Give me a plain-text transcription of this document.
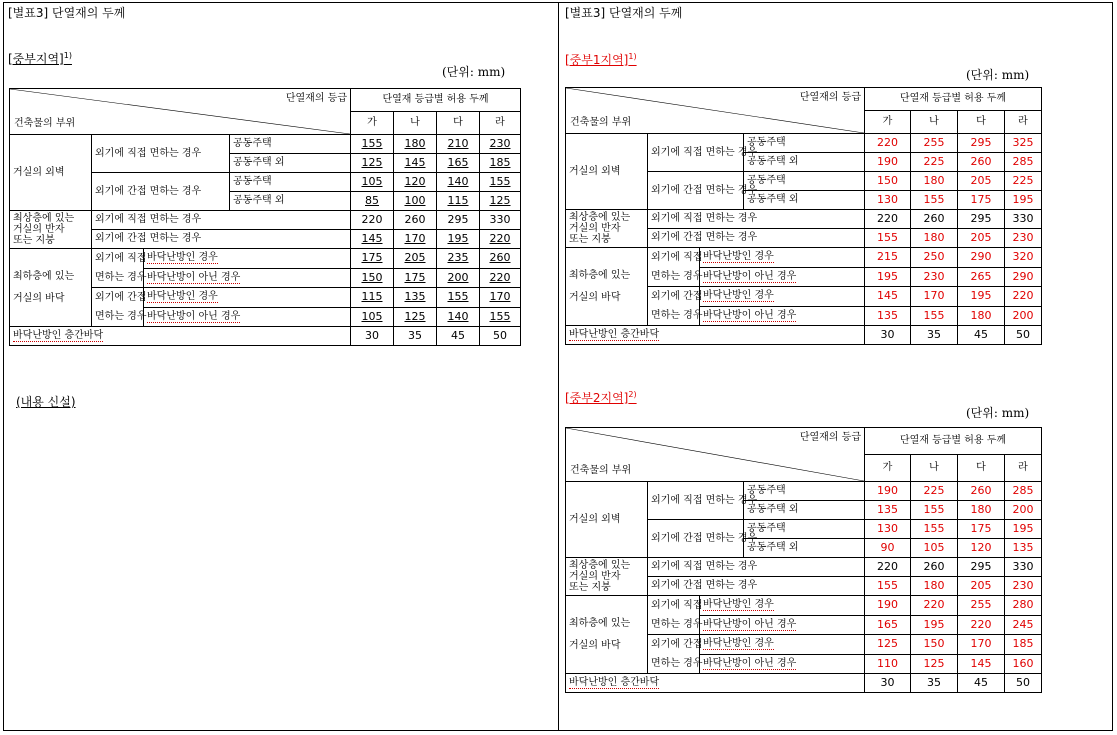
[별표3] 단열재의 두께
[중부지역]$^{1)}$
(단위: mm)
단열재의 등급
건축물의 부위				단열재 등급별 허용 두께			
				가	나	다	라
거실의 외벽	외기에 직접 면하는 경우		공동주택	155	180	210	230
			공동주택 외	125	145	165	185
	외기에 간접 면하는 경우		공동주택	105	120	140	155
			공동주택 외	85	100	115	125
최상층에 있는
거실의 반자
또는 지붕	외기에 직접 면하는 경우			220	260	295	330
	외기에 간접 면하는 경우			145	170	195	220
최하층에 있는
거실의 바닥	외기에 직접
면하는 경우	바닥난방인 경우		175	205	235	260
		바닥난방이 아닌 경우		150	175	200	220
	외기에 간접
면하는 경우	바닥난방인 경우		115	135	155	170
		바닥난방이 아닌 경우		105	125	140	155
바닥난방인 층간바닥				30	35	45	50
(내용 신설)
[별표3] 단열재의 두께
[중부1지역]$^{1)}$
(단위: mm)
단열재의 등급
건축물의 부위				단열재 등급별 허용 두께			
				가	나	다	라
거실의 외벽	외기에 직접 면하는 경우		공동주택	220	255	295	325
			공동주택 외	190	225	260	285
	외기에 간접 면하는 경우		공동주택	150	180	205	225
			공동주택 외	130	155	175	195
최상층에 있는
거실의 반자
또는 지붕	외기에 직접 면하는 경우			220	260	295	330
	외기에 간접 면하는 경우			155	180	205	230
최하층에 있는
거실의 바닥	외기에 직접
면하는 경우	바닥난방인 경우		215	250	290	320
		바닥난방이 아닌 경우		195	230	265	290
	외기에 간접
면하는 경우	바닥난방인 경우		145	170	195	220
		바닥난방이 아닌 경우		135	155	180	200
바닥난방인 층간바닥				30	35	45	50
[중부2지역]$^{2)}$
(단위: mm)
단열재의 등급
건축물의 부위				단열재 등급별 허용 두께			
				가	나	다	라
거실의 외벽	외기에 직접 면하는 경우		공동주택	190	225	260	285
			공동주택 외	135	155	180	200
	외기에 간접 면하는 경우		공동주택	130	155	175	195
			공동주택 외	90	105	120	135
최상층에 있는
거실의 반자
또는 지붕	외기에 직접 면하는 경우			220	260	295	330
	외기에 간접 면하는 경우			155	180	205	230
최하층에 있는
거실의 바닥	외기에 직접
면하는 경우	바닥난방인 경우		190	220	255	280
		바닥난방이 아닌 경우		165	195	220	245
	외기에 간접
면하는 경우	바닥난방인 경우		125	150	170	185
		바닥난방이 아닌 경우		110	125	145	160
바닥난방인 층간바닥				30	35	45	50
